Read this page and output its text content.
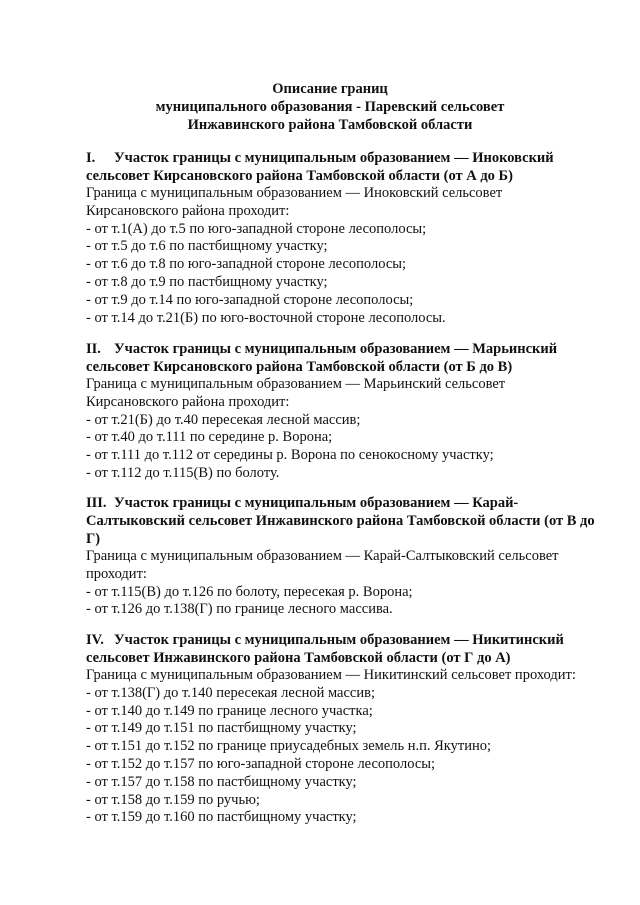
Описание границ
муниципального образования - Паревский сельсовет
Инжавинского района Тамбовской области
I. Участок границы с муниципальным образованием — Иноковский сельсовет Кирсановского района Тамбовской области (от А до Б)
Граница с муниципальным образованием — Иноковский сельсовет
Кирсановского района проходит:
- от т.1(А) до т.5 по юго-западной стороне лесополосы;
- от т.5 до т.6 по пастбищному участку;
- от т.6 до т.8 по юго-западной стороне лесополосы;
- от т.8 до т.9 по пастбищному участку;
- от т.9 до т.14 по юго-западной стороне лесополосы;
- от т.14 до т.21(Б) по юго-восточной стороне лесополосы.
II. Участок границы с муниципальным образованием — Марьинский сельсовет Кирсановского района Тамбовской области (от Б до В)
Граница с муниципальным образованием — Марьинский сельсовет
Кирсановского района проходит:
- от т.21(Б) до т.40 пересекая лесной массив;
- от т.40 до т.111 по середине р. Ворона;
- от т.111 до т.112 от середины р. Ворона по сенокосному участку;
- от т.112 до т.115(В) по болоту.
III. Участок границы с муниципальным образованием — Карай-Салтыковский сельсовет Инжавинского района Тамбовской области (от В до Г)
Граница с муниципальным образованием — Карай-Салтыковский сельсовет
проходит:
- от т.115(В) до т.126 по болоту, пересекая р. Ворона;
- от т.126 до т.138(Г) по границе лесного массива.
IV. Участок границы с муниципальным образованием — Никитинский сельсовет Инжавинского района Тамбовской области (от Г до А)
Граница с муниципальным образованием — Никитинский сельсовет проходит:
- от т.138(Г) до т.140 пересекая лесной массив;
- от т.140 до т.149 по границе лесного участка;
- от т.149 до т.151 по пастбищному участку;
- от т.151 до т.152 по границе приусадебных земель н.п. Якутино;
- от т.152 до т.157 по юго-западной стороне лесополосы;
- от т.157 до т.158 по пастбищному участку;
- от т.158 до т.159 по ручью;
- от т.159 до т.160 по пастбищному участку;
